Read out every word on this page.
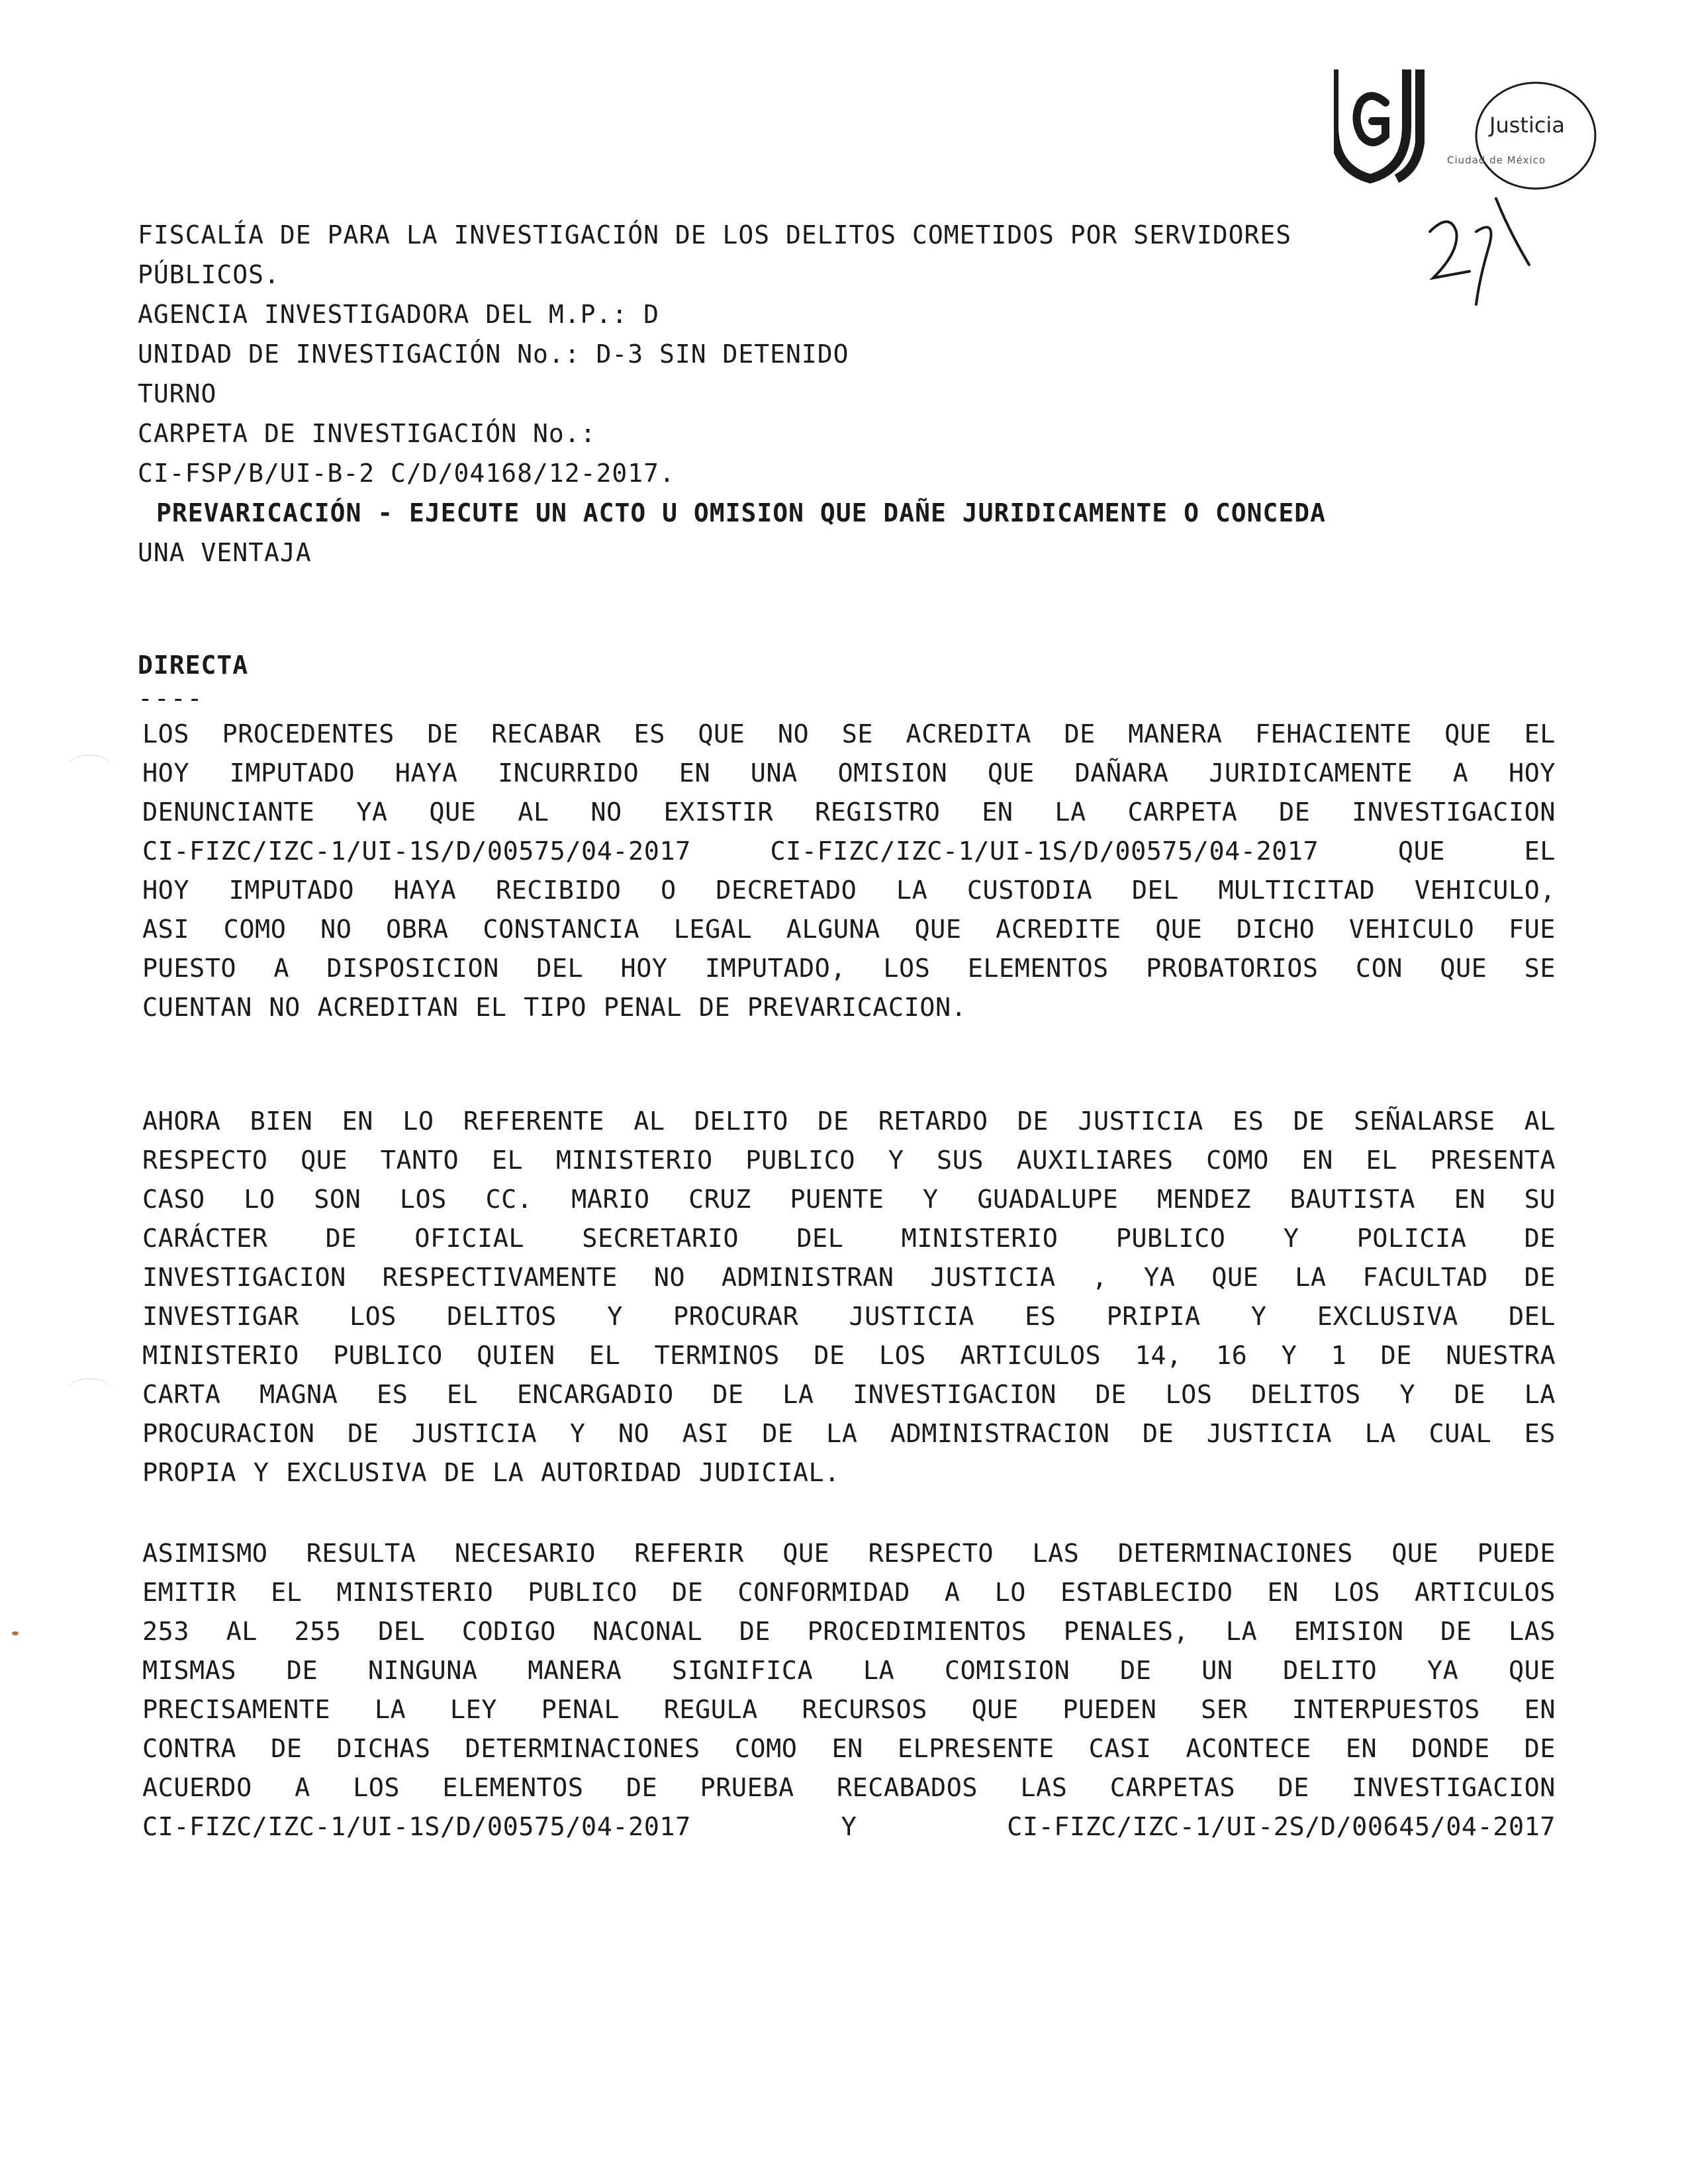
Justicia
Ciudad de México
FISCALÍA DE PARA LA INVESTIGACIÓN DE LOS DELITOS COMETIDOS POR SERVIDORES
PÚBLICOS.
AGENCIA INVESTIGADORA DEL M.P.: D
UNIDAD DE INVESTIGACIÓN No.: D-3 SIN DETENIDO
TURNO
CARPETA DE INVESTIGACIÓN No.:
CI-FSP/B/UI-B-2 C/D/04168/12-2017.
PREVARICACIÓN - EJECUTE UN ACTO U OMISION QUE DAÑE JURIDICAMENTE O CONCEDA
UNA VENTAJA
DIRECTA
----
LOS PROCEDENTES DE RECABAR ES QUE NO SE ACREDITA DE MANERA FEHACIENTE QUE EL
HOY IMPUTADO HAYA INCURRIDO EN UNA OMISION QUE DAÑARA JURIDICAMENTE A HOY
DENUNCIANTE YA QUE AL NO EXISTIR REGISTRO EN LA CARPETA DE INVESTIGACION
CI-FIZC/IZC-1/UI-1S/D/00575/04-2017 CI-FIZC/IZC-1/UI-1S/D/00575/04-2017 QUE EL
HOY IMPUTADO HAYA RECIBIDO O DECRETADO LA CUSTODIA DEL MULTICITAD VEHICULO,
ASI COMO NO OBRA CONSTANCIA LEGAL ALGUNA QUE ACREDITE QUE DICHO VEHICULO FUE
PUESTO A DISPOSICION DEL HOY IMPUTADO, LOS ELEMENTOS PROBATORIOS CON QUE SE
CUENTAN NO ACREDITAN EL TIPO PENAL DE PREVARICACION.
AHORA BIEN EN LO REFERENTE AL DELITO DE RETARDO DE JUSTICIA ES DE SEÑALARSE AL
RESPECTO QUE TANTO EL MINISTERIO PUBLICO Y SUS AUXILIARES COMO EN EL PRESENTA
CASO LO SON LOS CC. MARIO CRUZ PUENTE Y GUADALUPE MENDEZ BAUTISTA EN SU
CARÁCTER DE OFICIAL SECRETARIO DEL MINISTERIO PUBLICO Y POLICIA DE
INVESTIGACION RESPECTIVAMENTE NO ADMINISTRAN JUSTICIA , YA QUE LA FACULTAD DE
INVESTIGAR LOS DELITOS Y PROCURAR JUSTICIA ES PRIPIA Y EXCLUSIVA DEL
MINISTERIO PUBLICO QUIEN EL TERMINOS DE LOS ARTICULOS 14, 16 Y 1 DE NUESTRA
CARTA MAGNA ES EL ENCARGADIO DE LA INVESTIGACION DE LOS DELITOS Y DE LA
PROCURACION DE JUSTICIA Y NO ASI DE LA ADMINISTRACION DE JUSTICIA LA CUAL ES
PROPIA Y EXCLUSIVA DE LA AUTORIDAD JUDICIAL.
ASIMISMO RESULTA NECESARIO REFERIR QUE RESPECTO LAS DETERMINACIONES QUE PUEDE
EMITIR EL MINISTERIO PUBLICO DE CONFORMIDAD A LO ESTABLECIDO EN LOS ARTICULOS
253 AL 255 DEL CODIGO NACONAL DE PROCEDIMIENTOS PENALES, LA EMISION DE LAS
MISMAS DE NINGUNA MANERA SIGNIFICA LA COMISION DE UN DELITO YA QUE
PRECISAMENTE LA LEY PENAL REGULA RECURSOS QUE PUEDEN SER INTERPUESTOS EN
CONTRA DE DICHAS DETERMINACIONES COMO EN ELPRESENTE CASI ACONTECE EN DONDE DE
ACUERDO A LOS ELEMENTOS DE PRUEBA RECABADOS LAS CARPETAS DE INVESTIGACION
CI-FIZC/IZC-1/UI-1S/D/00575/04-2017 Y CI-FIZC/IZC-1/UI-2S/D/00645/04-2017
